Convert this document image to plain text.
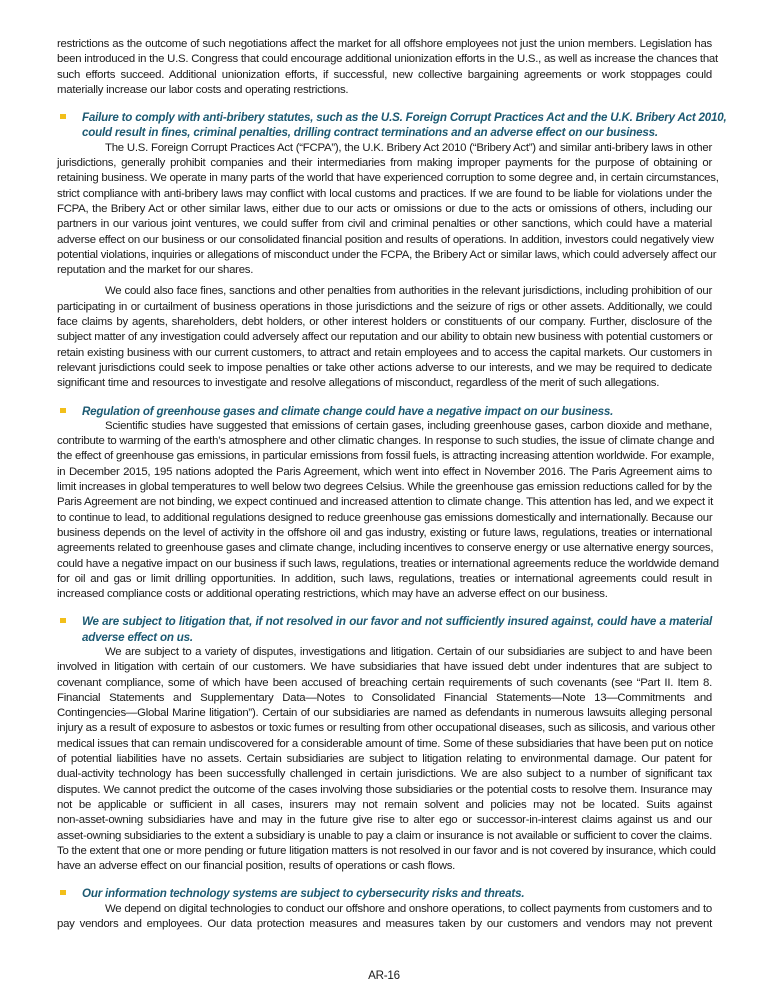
restrictions as the outcome of such negotiations affect the market for all offshore employees not just the union members. Legislation has
been introduced in the U.S. Congress that could encourage additional unionization efforts in the U.S., as well as increase the chances that
such efforts succeed. Additional unionization efforts, if successful, new collective bargaining agreements or work stoppages could
materially increase our labor costs and operating restrictions.
Failure to comply with anti-bribery statutes, such as the U.S. Foreign Corrupt Practices Act and the U.K. Bribery Act 2010,
could result in fines, criminal penalties, drilling contract terminations and an adverse effect on our business.
The U.S. Foreign Corrupt Practices Act (“FCPA”), the U.K. Bribery Act 2010 (“Bribery Act”) and similar anti-bribery laws in other
jurisdictions, generally prohibit companies and their intermediaries from making improper payments for the purpose of obtaining or
retaining business. We operate in many parts of the world that have experienced corruption to some degree and, in certain circumstances,
strict compliance with anti-bribery laws may conflict with local customs and practices. If we are found to be liable for violations under the
FCPA, the Bribery Act or other similar laws, either due to our acts or omissions or due to the acts or omissions of others, including our
partners in our various joint ventures, we could suffer from civil and criminal penalties or other sanctions, which could have a material
adverse effect on our business or our consolidated financial position and results of operations. In addition, investors could negatively view
potential violations, inquiries or allegations of misconduct under the FCPA, the Bribery Act or similar laws, which could adversely affect our
reputation and the market for our shares.
We could also face fines, sanctions and other penalties from authorities in the relevant jurisdictions, including prohibition of our
participating in or curtailment of business operations in those jurisdictions and the seizure of rigs or other assets. Additionally, we could
face claims by agents, shareholders, debt holders, or other interest holders or constituents of our company. Further, disclosure of the
subject matter of any investigation could adversely affect our reputation and our ability to obtain new business with potential customers or
retain existing business with our current customers, to attract and retain employees and to access the capital markets. Our customers in
relevant jurisdictions could seek to impose penalties or take other actions adverse to our interests, and we may be required to dedicate
significant time and resources to investigate and resolve allegations of misconduct, regardless of the merit of such allegations.
Regulation of greenhouse gases and climate change could have a negative impact on our business.
Scientific studies have suggested that emissions of certain gases, including greenhouse gases, carbon dioxide and methane,
contribute to warming of the earth’s atmosphere and other climatic changes. In response to such studies, the issue of climate change and
the effect of greenhouse gas emissions, in particular emissions from fossil fuels, is attracting increasing attention worldwide. For example,
in December 2015, 195 nations adopted the Paris Agreement, which went into effect in November 2016. The Paris Agreement aims to
limit increases in global temperatures to well below two degrees Celsius. While the greenhouse gas emission reductions called for by the
Paris Agreement are not binding, we expect continued and increased attention to climate change. This attention has led, and we expect it
to continue to lead, to additional regulations designed to reduce greenhouse gas emissions domestically and internationally. Because our
business depends on the level of activity in the offshore oil and gas industry, existing or future laws, regulations, treaties or international
agreements related to greenhouse gases and climate change, including incentives to conserve energy or use alternative energy sources,
could have a negative impact on our business if such laws, regulations, treaties or international agreements reduce the worldwide demand
for oil and gas or limit drilling opportunities. In addition, such laws, regulations, treaties or international agreements could result in
increased compliance costs or additional operating restrictions, which may have an adverse effect on our business.
We are subject to litigation that, if not resolved in our favor and not sufficiently insured against, could have a material
adverse effect on us.
We are subject to a variety of disputes, investigations and litigation. Certain of our subsidiaries are subject to and have been
involved in litigation with certain of our customers. We have subsidiaries that have issued debt under indentures that are subject to
covenant compliance, some of which have been accused of breaching certain requirements of such covenants (see “Part II. Item 8.
Financial Statements and Supplementary Data—Notes to Consolidated Financial Statements—Note 13—Commitments and
Contingencies—Global Marine litigation”). Certain of our subsidiaries are named as defendants in numerous lawsuits alleging personal
injury as a result of exposure to asbestos or toxic fumes or resulting from other occupational diseases, such as silicosis, and various other
medical issues that can remain undiscovered for a considerable amount of time. Some of these subsidiaries that have been put on notice
of potential liabilities have no assets. Certain subsidiaries are subject to litigation relating to environmental damage. Our patent for
dual-activity technology has been successfully challenged in certain jurisdictions. We are also subject to a number of significant tax
disputes. We cannot predict the outcome of the cases involving those subsidiaries or the potential costs to resolve them. Insurance may
not be applicable or sufficient in all cases, insurers may not remain solvent and policies may not be located. Suits against
non-asset-owning subsidiaries have and may in the future give rise to alter ego or successor-in-interest claims against us and our
asset-owning subsidiaries to the extent a subsidiary is unable to pay a claim or insurance is not available or sufficient to cover the claims.
To the extent that one or more pending or future litigation matters is not resolved in our favor and is not covered by insurance, which could
have an adverse effect on our financial position, results of operations or cash flows.
Our information technology systems are subject to cybersecurity risks and threats.
We depend on digital technologies to conduct our offshore and onshore operations, to collect payments from customers and to
pay vendors and employees. Our data protection measures and measures taken by our customers and vendors may not prevent
AR-16
